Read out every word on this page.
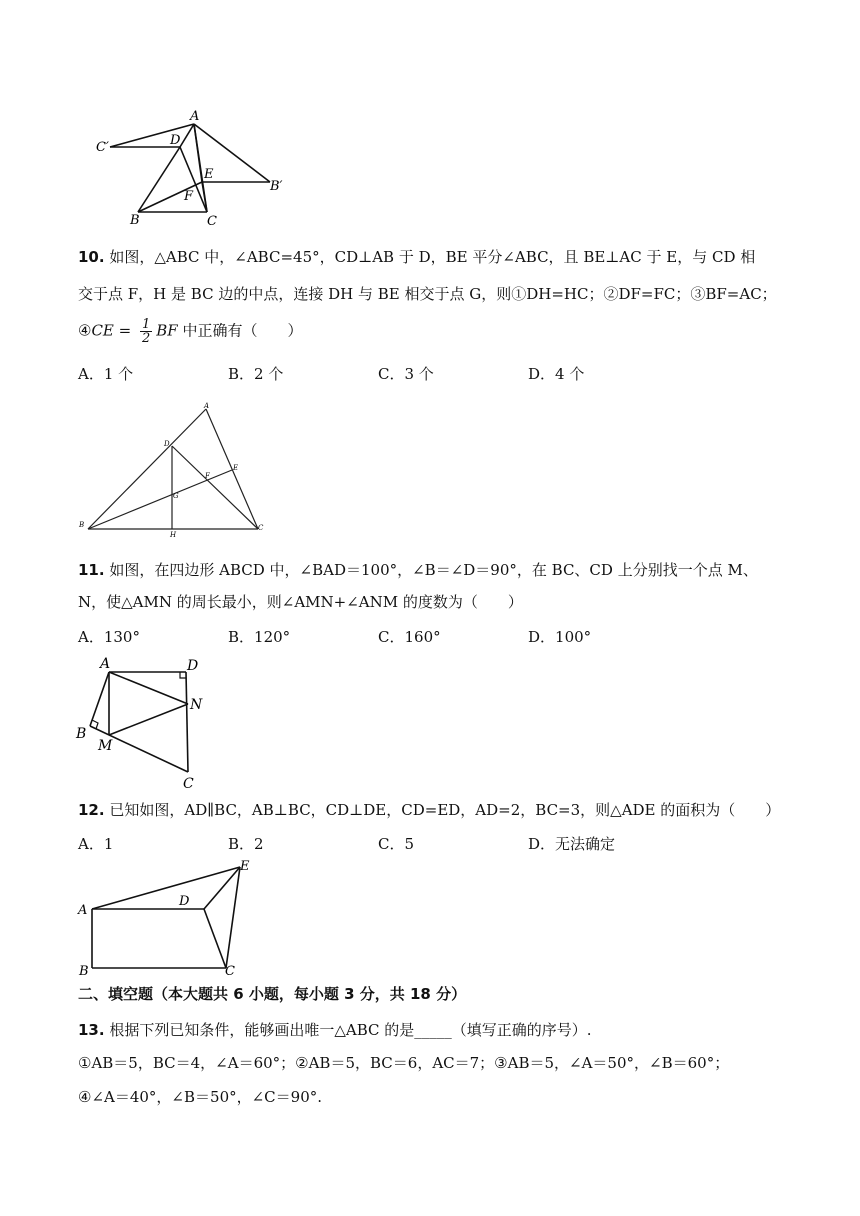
A
C′	D
E
B′
F
B	C
10. 如图，△ABC 中，∠ABC=45°，CD⊥AB 于 D，BE 平分∠ABC，且 BE⊥AC 于 E，与 CD 相
交于点 F，H 是 BC 边的中点，连接 DH 与 BE 相交于点 G，则①DH=HC；②DF=FC；③BF=AC；
④CE = $\frac{1}{2}$ BF 中正确有（　　）
A．1 个	B．2 个	C．3 个	D．4 个
A
D
E
F
G
B
H
C
11. 如图，在四边形 ABCD 中，∠BAD＝100°，∠B＝∠D＝90°，在 BC、CD 上分别找一个点 M、
N，使△AMN 的周长最小，则∠AMN+∠ANM 的度数为（　　）
A．130°	B．120°	C．160°	D．100°
A	D
N
B
M
C
12. 已知如图，AD∥BC，AB⊥BC，CD⊥DE，CD=ED，AD=2，BC=3，则△ADE 的面积为（　　）
A．1	B．2	C．5	D．无法确定
A
D
E
B	C
二、填空题（本大题共 6 小题，每小题 3 分，共 18 分）
13. 根据下列已知条件，能够画出唯一△ABC 的是_____（填写正确的序号）.
①AB＝5，BC＝4，∠A＝60°；②AB＝5，BC＝6，AC＝7；③AB＝5，∠A＝50°，∠B＝60°；
④∠A＝40°，∠B＝50°，∠C＝90°.
